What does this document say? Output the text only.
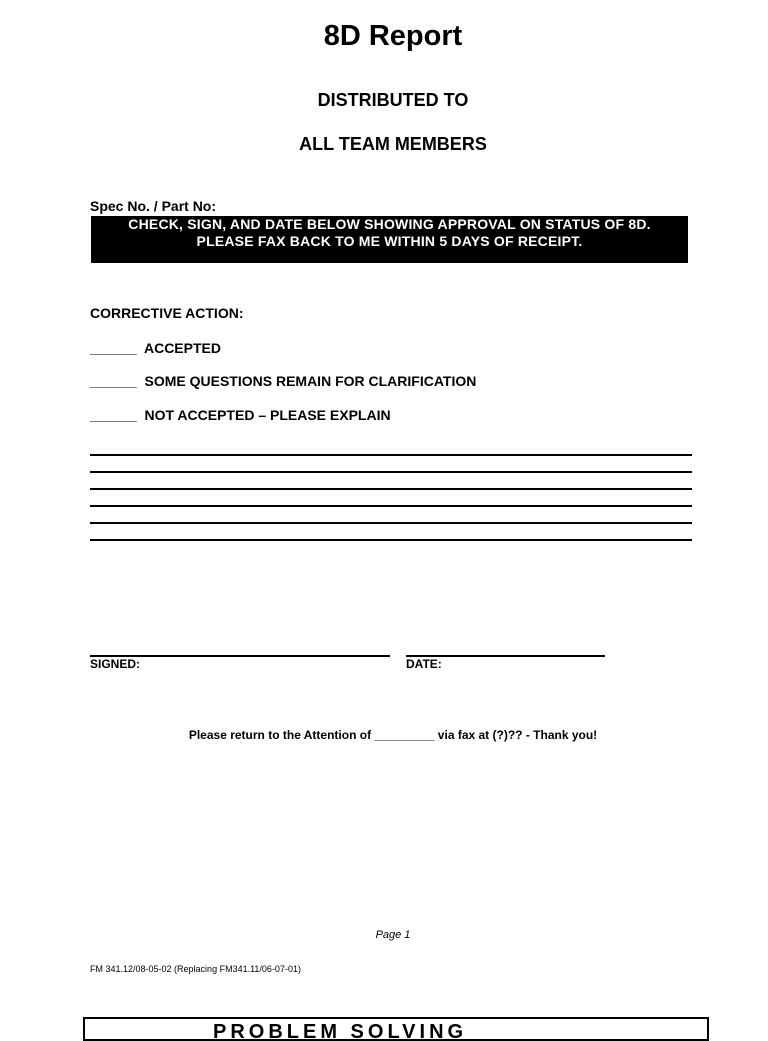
8D Report
DISTRIBUTED TO
ALL TEAM MEMBERS
Spec No. / Part No:
CHECK, SIGN, AND DATE BELOW SHOWING APPROVAL ON STATUS OF 8D.
PLEASE FAX BACK TO ME WITHIN 5 DAYS OF RECEIPT.
CORRECTIVE ACTION:
______  ACCEPTED
______  SOME QUESTIONS REMAIN FOR CLARIFICATION
______  NOT ACCEPTED – PLEASE EXPLAIN
SIGNED:	DATE:
Please return to the Attention of _________ via fax at (?)?? - Thank you!
Page 1
FM 341.12/08-05-02 (Replacing FM341.11/06-07-01)
PROBLEM SOLVING
